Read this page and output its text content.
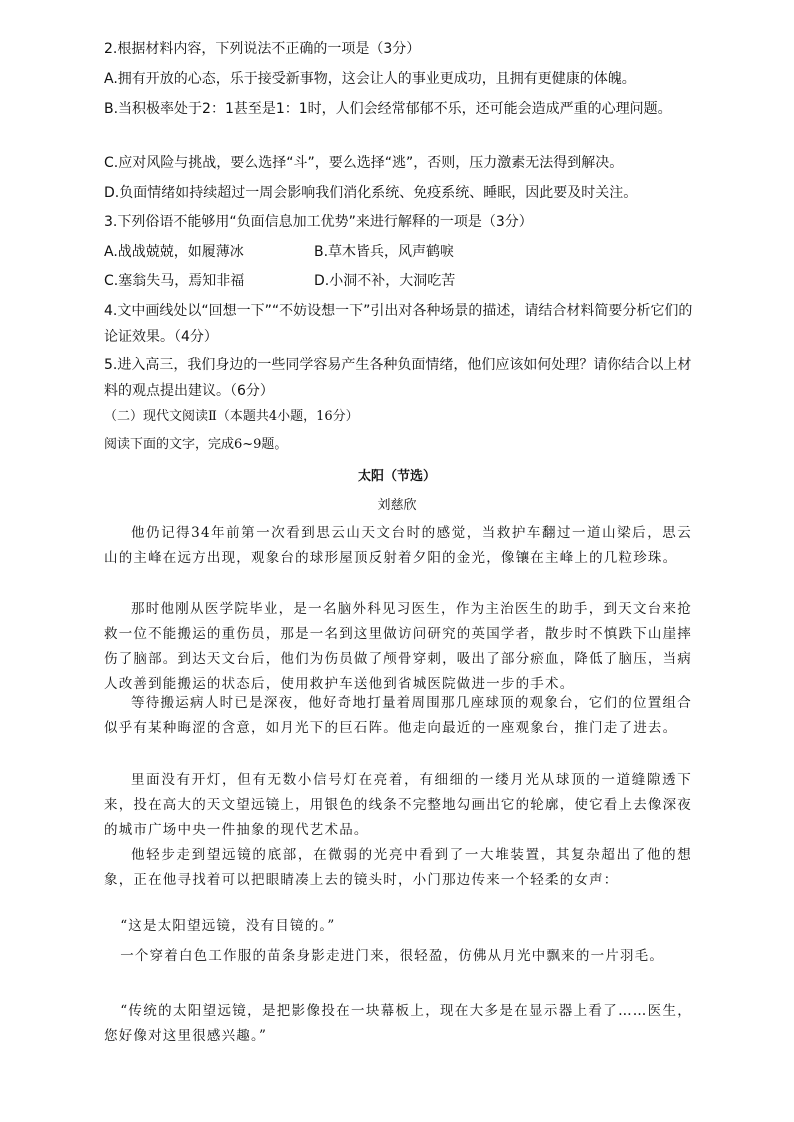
2.根据材料内容，下列说法不正确的一项是（3分）
A.拥有开放的心态，乐于接受新事物，这会让人的事业更成功，且拥有更健康的体魄。
B.当积极率处于2：1甚至是1：1时，人们会经常郁郁不乐，还可能会造成严重的心理问题。
C.应对风险与挑战，要么选择“斗”，要么选择“逃”，否则，压力激素无法得到解决。
D.负面情绪如持续超过一周会影响我们消化系统、免疫系统、睡眠，因此要及时关注。
3.下列俗语不能够用“负面信息加工优势”来进行解释的一项是（3分）
A.战战兢兢，如履薄冰	B.草木皆兵，风声鹤唳
C.塞翁失马，焉知非福	D.小洞不补，大洞吃苦
4.文中画线处以“回想一下”“不妨设想一下”引出对各种场景的描述，请结合材料简要分析它们的论证效果。（4分）
5.进入高三，我们身边的一些同学容易产生各种负面情绪，他们应该如何处理？请你结合以上材料的观点提出建议。（6分）
（二）现代文阅读Ⅱ（本题共4小题，16分）
阅读下面的文字，完成6~9题。
太阳（节选）
刘慈欣
他仍记得34年前第一次看到思云山天文台时的感觉，当救护车翻过一道山梁后，思云山的主峰在远方出现，观象台的球形屋顶反射着夕阳的金光，像镶在主峰上的几粒珍珠。
那时他刚从医学院毕业，是一名脑外科见习医生，作为主治医生的助手，到天文台来抢救一位不能搬运的重伤员，那是一名到这里做访问研究的英国学者，散步时不慎跌下山崖摔伤了脑部。到达天文台后，他们为伤员做了颅骨穿刺，吸出了部分瘀血，降低了脑压，当病人改善到能搬运的状态后，使用救护车送他到省城医院做进一步的手术。
等待搬运病人时已是深夜，他好奇地打量着周围那几座球顶的观象台，它们的位置组合似乎有某种晦涩的含意，如月光下的巨石阵。他走向最近的一座观象台，推门走了进去。
里面没有开灯，但有无数小信号灯在亮着，有细细的一缕月光从球顶的一道缝隙透下来，投在高大的天文望远镜上，用银色的线条不完整地勾画出它的轮廓，使它看上去像深夜的城市广场中央一件抽象的现代艺术品。
他轻步走到望远镜的底部，在微弱的光亮中看到了一大堆装置，其复杂超出了他的想象，正在他寻找着可以把眼睛凑上去的镜头时，小门那边传来一个轻柔的女声：
“这是太阳望远镜，没有目镜的。”
一个穿着白色工作服的苗条身影走进门来，很轻盈，仿佛从月光中飘来的一片羽毛。
“传统的太阳望远镜，是把影像投在一块幕板上，现在大多是在显示器上看了……医生，您好像对这里很感兴趣。”
